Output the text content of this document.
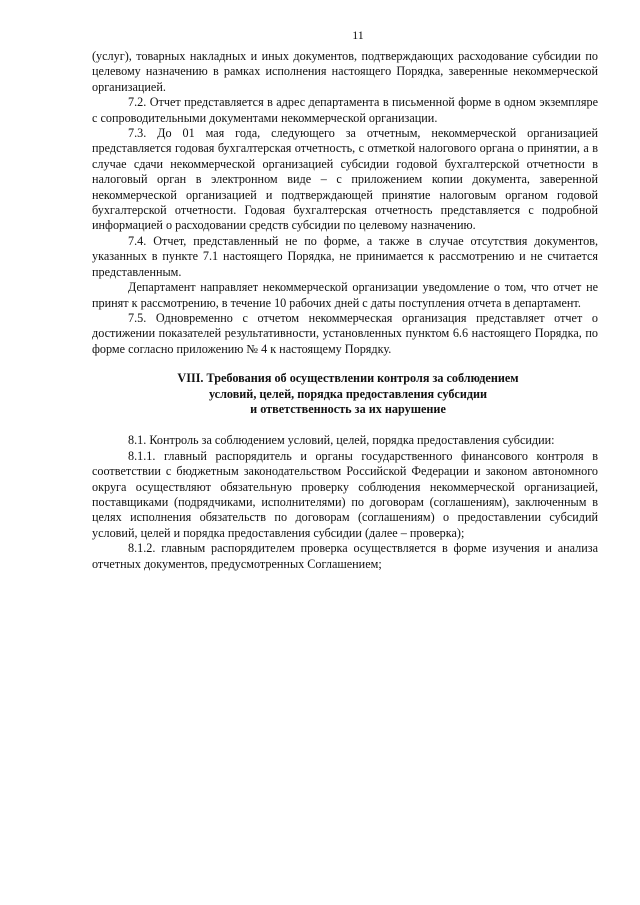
11

(услуг), товарных накладных и иных документов, подтверждающих расходование субсидии по целевому назначению в рамках исполнения настоящего Порядка, заверенные некоммерческой организацией.

7.2. Отчет представляется в адрес департамента в письменной форме в одном экземпляре с сопроводительными документами некоммерческой организации.

7.3. До 01 мая года, следующего за отчетным, некоммерческой организацией представляется годовая бухгалтерская отчетность, с отметкой налогового органа о принятии, а в случае сдачи некоммерческой организацией субсидии годовой бухгалтерской отчетности в налоговый орган в электронном виде – с приложением копии документа, заверенной некоммерческой организацией и подтверждающей принятие налоговым органом годовой бухгалтерской отчетности. Годовая бухгалтерская отчетность представляется с подробной информацией о расходовании средств субсидии по целевому назначению.

7.4. Отчет, представленный не по форме, а также в случае отсутствия документов, указанных в пункте 7.1 настоящего Порядка, не принимается к рассмотрению и не считается представленным.

Департамент направляет некоммерческой организации уведомление о том, что отчет не принят к рассмотрению, в течение 10 рабочих дней с даты поступления отчета в департамент.

7.5. Одновременно с отчетом некоммерческая организация представляет отчет о достижении показателей результативности, установленных пунктом 6.6 настоящего Порядка, по форме согласно приложению № 4 к настоящему Порядку.

VIII. Требования об осуществлении контроля за соблюдением
условий, целей, порядка предоставления субсидии
и ответственность за их нарушение

8.1. Контроль за соблюдением условий, целей, порядка предоставления субсидии:

8.1.1. главный распорядитель и органы государственного финансового контроля в соответствии с бюджетным законодательством Российской Федерации и законом автономного округа осуществляют обязательную проверку соблюдения некоммерческой организацией, поставщиками (подрядчиками, исполнителями) по договорам (соглашениям), заключенным в целях исполнения обязательств по договорам (соглашениям) о предоставлении субсидий условий, целей и порядка предоставления субсидии (далее – проверка);

8.1.2. главным распорядителем проверка осуществляется в форме изучения и анализа отчетных документов, предусмотренных Соглашением;
